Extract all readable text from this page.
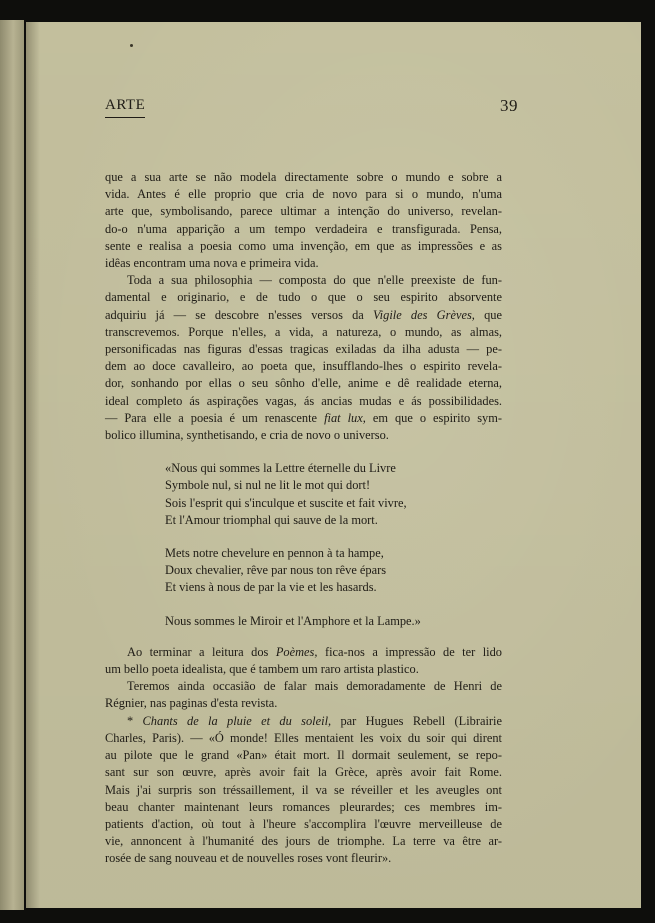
ARTE	39
que a sua arte se não modela directamente sobre o mundo e sobre a
vida. Antes é elle proprio que cria de novo para si o mundo, n'uma
arte que, symbolisando, parece ultimar a intenção do universo, revelan-
do-o n'uma apparição a um tempo verdadeira e transfigurada. Pensa,
sente e realisa a poesia como uma invenção, em que as impressões e as
idêas encontram uma nova e primeira vida.
Toda a sua philosophia — composta do que n'elle preexiste de fun-
damental e originario, e de tudo o que o seu espirito absorvente
adquiriu já — se descobre n'esses versos da Vigile des Grèves, que
transcrevemos. Porque n'elles, a vida, a natureza, o mundo, as almas,
personificadas nas figuras d'essas tragicas exiladas da ilha adusta — pe-
dem ao doce cavalleiro, ao poeta que, insufflando-lhes o espirito revela-
dor, sonhando por ellas o seu sônho d'elle, anime e dê realidade eterna,
ideal completo ás aspirações vagas, ás ancias mudas e ás possibilidades.
— Para elle a poesia é um renascente fiat lux, em que o espirito sym-
bolico illumina, synthetisando, e cria de novo o universo.
«Nous qui sommes la Lettre éternelle du Livre
Symbole nul, si nul ne lit le mot qui dort!
Sois l'esprit qui s'inculque et suscite et fait vivre,
Et l'Amour triomphal qui sauve de la mort.
Mets notre chevelure en pennon à ta hampe,
Doux chevalier, rêve par nous ton rêve épars
Et viens à nous de par la vie et les hasards.
Nous sommes le Miroir et l'Amphore et la Lampe.»
Ao terminar a leitura dos Poèmes, fica-nos a impressão de ter lido
um bello poeta idealista, que é tambem um raro artista plastico.
Teremos ainda occasião de falar mais demoradamente de Henri de
Régnier, nas paginas d'esta revista.
* Chants de la pluie et du soleil, par Hugues Rebell (Librairie
Charles, Paris). — «Ó monde! Elles mentaient les voix du soir qui dirent
au pilote que le grand «Pan» était mort. Il dormait seulement, se repo-
sant sur son œuvre, après avoir fait la Grèce, après avoir fait Rome.
Mais j'ai surpris son tréssaillement, il va se réveiller et les aveugles ont
beau chanter maintenant leurs romances pleurardes; ces membres im-
patients d'action, où tout à l'heure s'accomplira l'œuvre merveilleuse de
vie, annoncent à l'humanité des jours de triomphe. La terre va être ar-
rosée de sang nouveau et de nouvelles roses vont fleurir».
